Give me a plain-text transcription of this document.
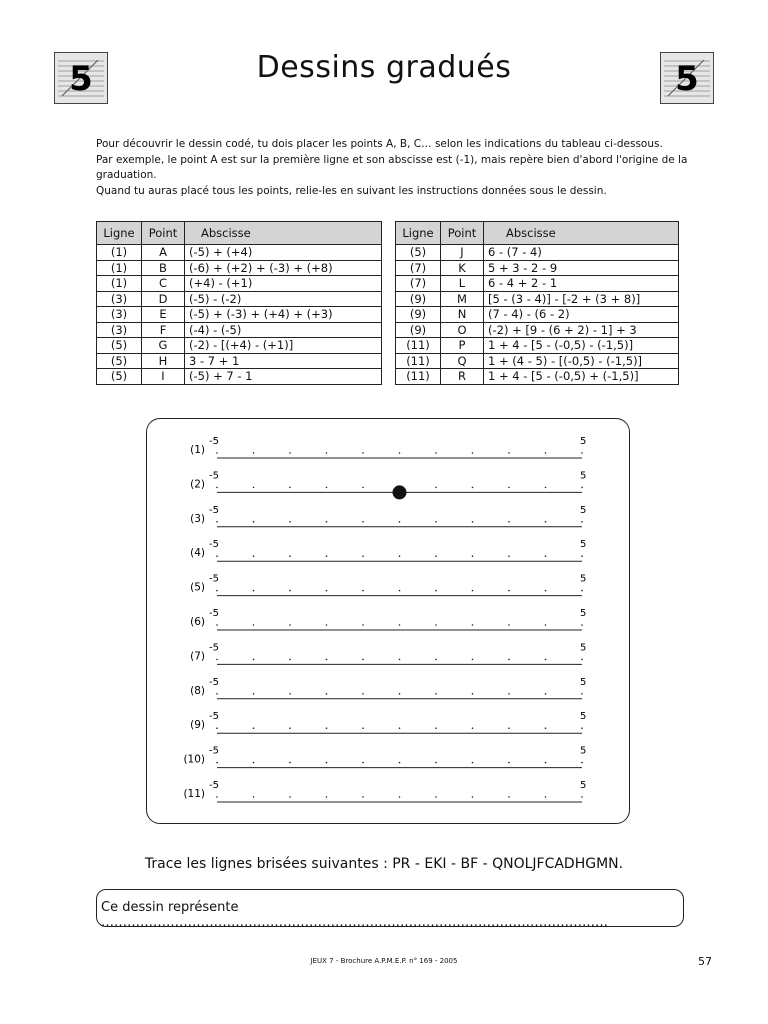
5	5
Dessins gradués

Pour découvrir le dessin codé, tu dois placer les points A, B, C… selon les indications du tableau ci-dessous.

Par exemple, le point A est sur la première ligne et son abscisse est (-1), mais repère bien d'abord l'origine de la graduation.

Quand tu auras placé tous les points, relie-les en suivant les instructions données sous le dessin.

Ligne	Point	Abscisse
(1)	A	(-5) + (+4)
(1)	B	(-6) + (+2) + (-3) + (+8)
(1)	C	(+4) - (+1)
(3)	D	(-5) - (-2)
(3)	E	(-5) + (-3) + (+4) + (+3)
(3)	F	(-4) - (-5)
(5)	G	(-2) - [(+4) - (+1)]
(5)	H	3 - 7 + 1
(5)	I	(-5) + 7 - 1
Ligne	Point	Abscisse
(5)	J	6 - (7 - 4)
(7)	K	5 + 3 - 2 - 9
(7)	L	6 - 4 + 2 - 1
(9)	M	[5 - (3 - 4)] - [-2 + (3 + 8)]
(9)	N	(7 - 4) - (6 - 2)
(9)	O	(-2) + [9 - (6 + 2) - 1] + 3
(11)	P	1 + 4 - [5 - (-0,5) - (-1,5)]
(11)	Q	1 + (4 - 5) - [(-0,5) - (-1,5)]
(11)	R	1 + 4 - [5 - (-0,5) + (-1,5)]
(1)
-5	5
(2)
-5	5
(3)
-5	5
(4)
-5	5
(5)
-5	5
(6)
-5	5
(7)
-5	5
(8)
-5	5
(9)
-5	5
(10)
-5	5
(11)
-5	5
Trace les lignes brisées suivantes : PR - EKI - BF - QNOLJFCADHGMN.
Ce dessin représente ………………………………………………………………………………………………………
JEUX 7 - Brochure A.P.M.E.P. n° 169 - 2005	57
